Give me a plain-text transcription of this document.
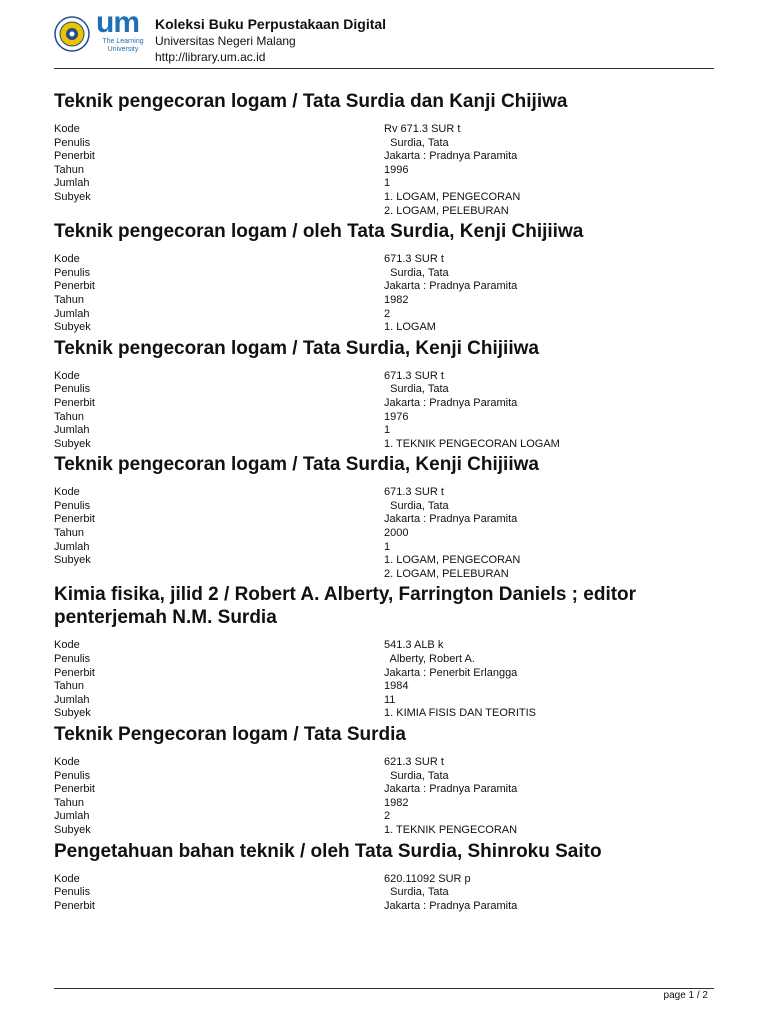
um
The Learning University
Koleksi Buku Perpustakaan Digital
Universitas Negeri Malang
http://library.um.ac.id
Teknik pengecoran logam / Tata Surdia dan Kanji Chijiwa
Kode	Rv 671.3 SUR t
Penulis	Surdia, Tata
Penerbit	Jakarta : Pradnya Paramita
Tahun	1996
Jumlah	1
Subyek	1. LOGAM, PENGECORAN
2. LOGAM, PELEBURAN
Teknik pengecoran logam / oleh Tata Surdia, Kenji Chijiiwa
Kode	671.3 SUR t
Penulis	Surdia, Tata
Penerbit	Jakarta : Pradnya Paramita
Tahun	1982
Jumlah	2
Subyek	1. LOGAM
Teknik pengecoran logam / Tata Surdia, Kenji Chijiiwa
Kode	671.3 SUR t
Penulis	Surdia, Tata
Penerbit	Jakarta : Pradnya Paramita
Tahun	1976
Jumlah	1
Subyek	1. TEKNIK PENGECORAN LOGAM
Teknik pengecoran logam / Tata Surdia, Kenji Chijiiwa
Kode	671.3 SUR t
Penulis	Surdia, Tata
Penerbit	Jakarta : Pradnya Paramita
Tahun	2000
Jumlah	1
Subyek	1. LOGAM, PENGECORAN
2. LOGAM, PELEBURAN
Kimia fisika, jilid 2 / Robert A. Alberty, Farrington Daniels ; editor penterjemah N.M. Surdia
Kode	541.3 ALB k
Penulis	Alberty, Robert A.
Penerbit	Jakarta : Penerbit Erlangga
Tahun	1984
Jumlah	11
Subyek	1. KIMIA FISIS DAN TEORITIS
Teknik Pengecoran logam / Tata Surdia
Kode	621.3 SUR t
Penulis	Surdia, Tata
Penerbit	Jakarta : Pradnya Paramita
Tahun	1982
Jumlah	2
Subyek	1. TEKNIK PENGECORAN
Pengetahuan bahan teknik / oleh Tata Surdia, Shinroku Saito
Kode	620.11092 SUR p
Penulis	Surdia, Tata
Penerbit	Jakarta : Pradnya Paramita
page 1 / 2
